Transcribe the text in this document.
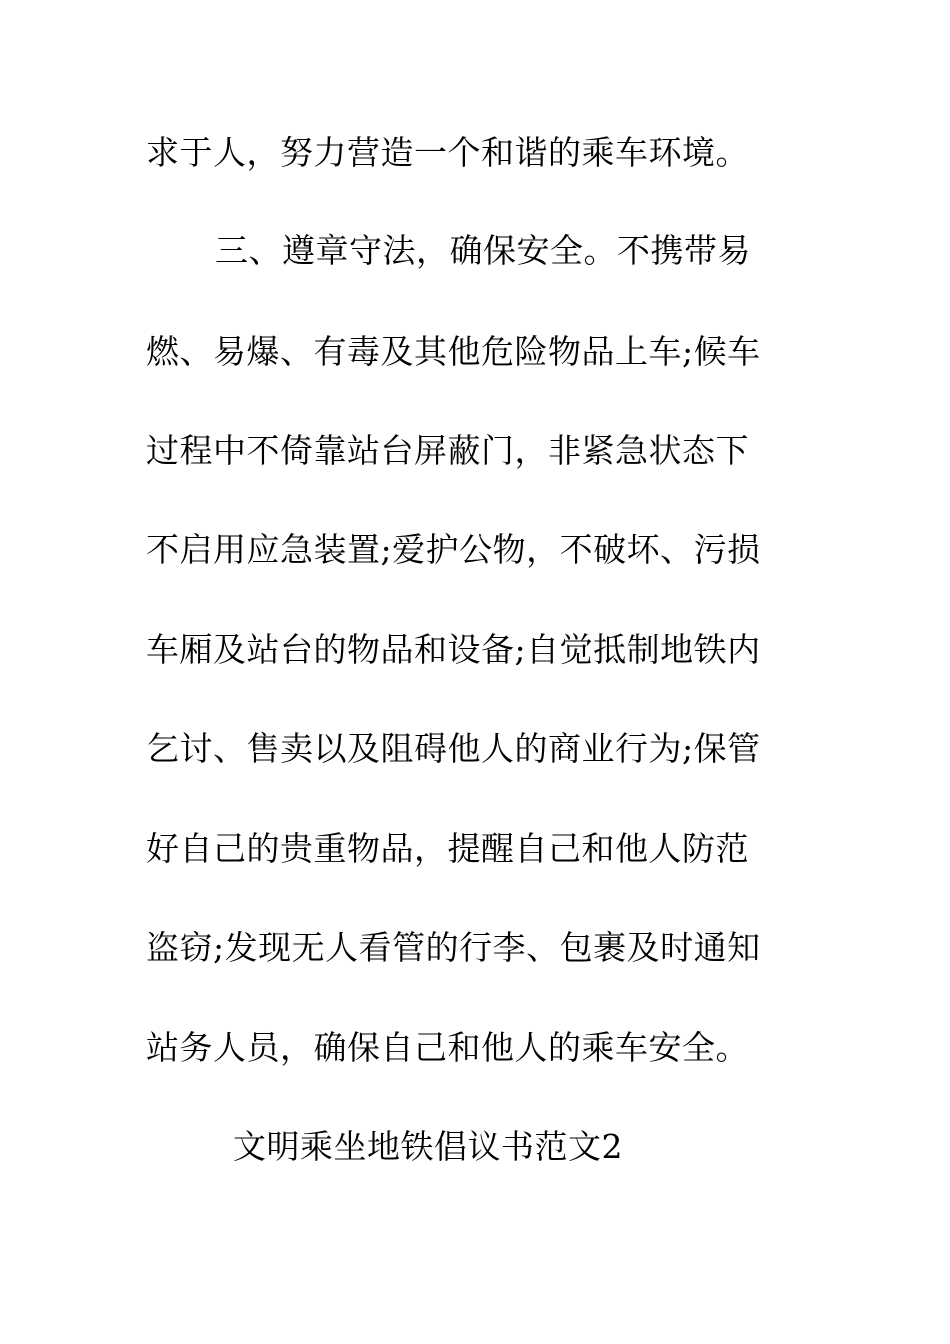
求于人，努力营造一个和谐的乘车环境。
三、遵章守法，确保安全。不携带易
燃、易爆、有毒及其他危险物品上车;候车
过程中不倚靠站台屏蔽门，非紧急状态下
不启用应急装置;爱护公物，不破坏、污损
车厢及站台的物品和设备;自觉抵制地铁内
乞讨、售卖以及阻碍他人的商业行为;保管
好自己的贵重物品，提醒自己和他人防范
盗窃;发现无人看管的行李、包裹及时通知
站务人员，确保自己和他人的乘车安全。
文明乘坐地铁倡议书范文2
